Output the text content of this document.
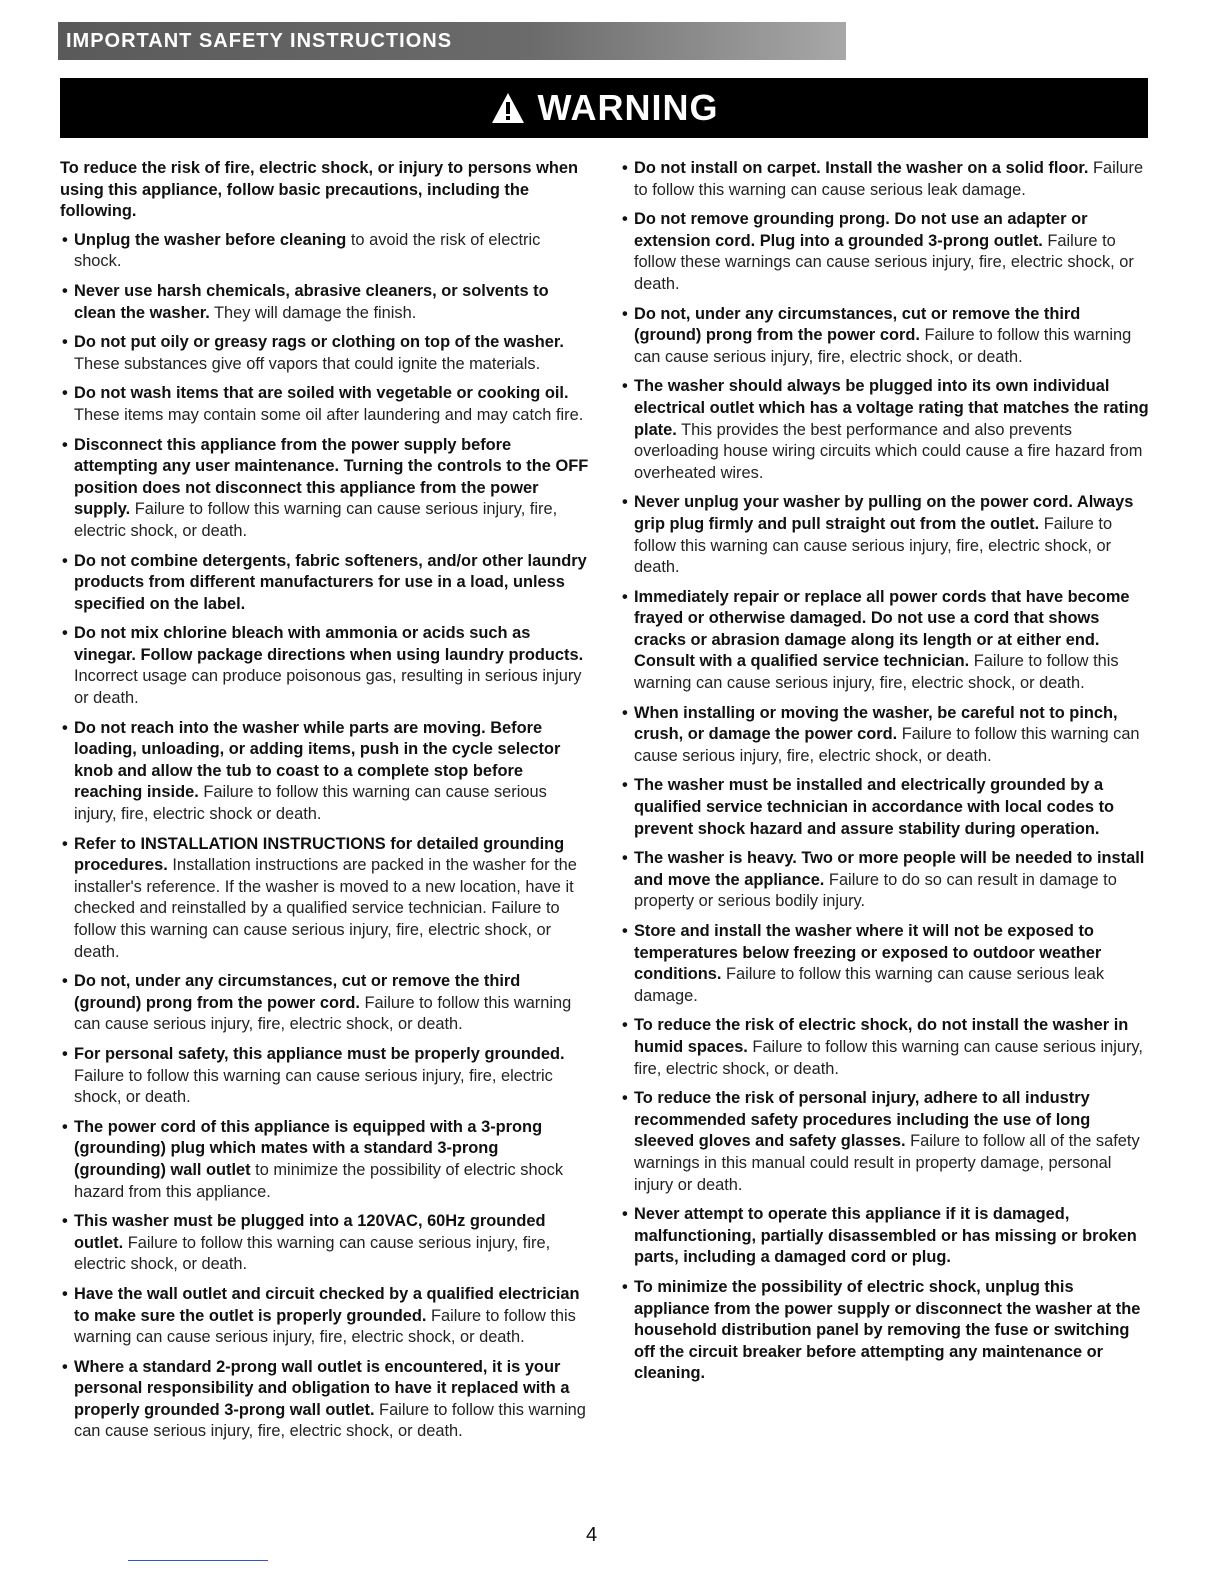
IMPORTANT SAFETY INSTRUCTIONS
WARNING

To reduce the risk of fire, electric shock, or injury to persons when using this appliance, follow basic precautions, including the following.

• Unplug the washer before cleaning to avoid the risk of electric shock.

• Never use harsh chemicals, abrasive cleaners, or solvents to clean the washer. They will damage the finish.

• Do not put oily or greasy rags or clothing on top of the washer. These substances give off vapors that could ignite the materials.

• Do not wash items that are soiled with vegetable or cooking oil. These items may contain some oil after laundering and may catch fire.

• Disconnect this appliance from the power supply before attempting any user maintenance. Turning the controls to the OFF position does not disconnect this appliance from the power supply. Failure to follow this warning can cause serious injury, fire, electric shock, or death.

• Do not combine detergents, fabric softeners, and/or other laundry products from different manufacturers for use in a load, unless specified on the label.

• Do not mix chlorine bleach with ammonia or acids such as vinegar. Follow package directions when using laundry products. Incorrect usage can produce poisonous gas, resulting in serious injury or death.

• Do not reach into the washer while parts are moving. Before loading, unloading, or adding items, push in the cycle selector knob and allow the tub to coast to a complete stop before reaching inside. Failure to follow this warning can cause serious injury, fire, electric shock or death.

• Refer to INSTALLATION INSTRUCTIONS for detailed grounding procedures. Installation instructions are packed in the washer for the installer's reference. If the washer is moved to a new location, have it checked and reinstalled by a qualified service technician. Failure to follow this warning can cause serious injury, fire, electric shock, or death.

• Do not, under any circumstances, cut or remove the third (ground) prong from the power cord. Failure to follow this warning can cause serious injury, fire, electric shock, or death.

• For personal safety, this appliance must be properly grounded. Failure to follow this warning can cause serious injury, fire, electric shock, or death.

• The power cord of this appliance is equipped with a 3-prong (grounding) plug which mates with a standard 3-prong (grounding) wall outlet to minimize the possibility of electric shock hazard from this appliance.

• This washer must be plugged into a 120VAC, 60Hz grounded outlet. Failure to follow this warning can cause serious injury, fire, electric shock, or death.

• Have the wall outlet and circuit checked by a qualified electrician to make sure the outlet is properly grounded. Failure to follow this warning can cause serious injury, fire, electric shock, or death.

• Where a standard 2-prong wall outlet is encountered, it is your personal responsibility and obligation to have it replaced with a properly grounded 3-prong wall outlet. Failure to follow this warning can cause serious injury, fire, electric shock, or death.

• Do not install on carpet. Install the washer on a solid floor. Failure to follow this warning can cause serious leak damage.

• Do not remove grounding prong. Do not use an adapter or extension cord. Plug into a grounded 3-prong outlet. Failure to follow these warnings can cause serious injury, fire, electric shock, or death.

• Do not, under any circumstances, cut or remove the third (ground) prong from the power cord. Failure to follow this warning can cause serious injury, fire, electric shock, or death.

• The washer should always be plugged into its own individual electrical outlet which has a voltage rating that matches the rating plate. This provides the best performance and also prevents overloading house wiring circuits which could cause a fire hazard from overheated wires.

• Never unplug your washer by pulling on the power cord. Always grip plug firmly and pull straight out from the outlet. Failure to follow this warning can cause serious injury, fire, electric shock, or death.

• Immediately repair or replace all power cords that have become frayed or otherwise damaged. Do not use a cord that shows cracks or abrasion damage along its length or at either end. Consult with a qualified service technician. Failure to follow this warning can cause serious injury, fire, electric shock, or death.

• When installing or moving the washer, be careful not to pinch, crush, or damage the power cord. Failure to follow this warning can cause serious injury, fire, electric shock, or death.

• The washer must be installed and electrically grounded by a qualified service technician in accordance with local codes to prevent shock hazard and assure stability during operation.

• The washer is heavy. Two or more people will be needed to install and move the appliance. Failure to do so can result in damage to property or serious bodily injury.

• Store and install the washer where it will not be exposed to temperatures below freezing or exposed to outdoor weather conditions. Failure to follow this warning can cause serious leak damage.

• To reduce the risk of electric shock, do not install the washer in humid spaces. Failure to follow this warning can cause serious injury, fire, electric shock, or death.

• To reduce the risk of personal injury, adhere to all industry recommended safety procedures including the use of long sleeved gloves and safety glasses. Failure to follow all of the safety warnings in this manual could result in property damage, personal injury or death.

• Never attempt to operate this appliance if it is damaged, malfunctioning, partially disassembled or has missing or broken parts, including a damaged cord or plug.

• To minimize the possibility of electric shock, unplug this appliance from the power supply or disconnect the washer at the household distribution panel by removing the fuse or switching off the circuit breaker before attempting any maintenance or cleaning.

4
